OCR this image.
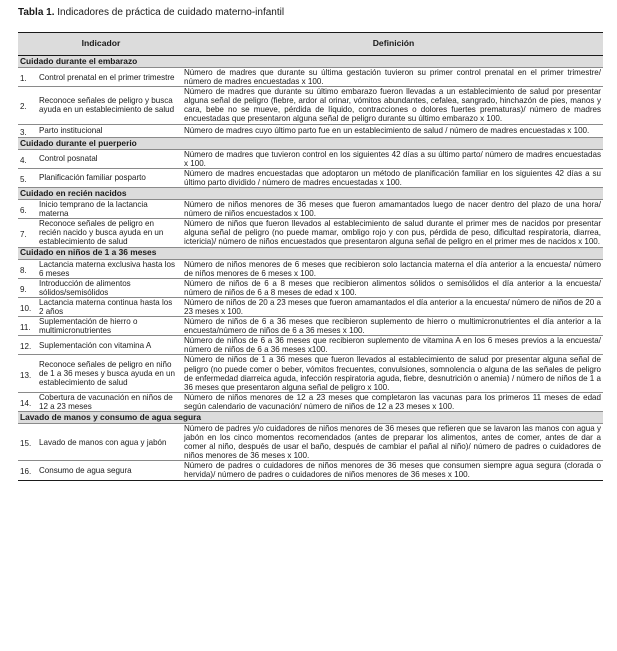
Tabla 1. Indicadores de práctica de cuidado materno-infantil
Indicador		Definición
Cuidado durante el embarazo		
1.	Control prenatal en el primer trimestre	Número de madres que durante su última gestación tuvieron su primer control prenatal en el primer trimestre/ número de madres encuestadas x 100.
2.	Reconoce señales de peligro y busca ayuda en un establecimiento de salud	Número de madres que durante su último embarazo fueron llevadas a un establecimiento de salud por presentar alguna señal de peligro (fiebre, ardor al orinar, vómitos abundantes, cefalea, sangrado, hinchazón de pies, manos y cara, bebe no se mueve, pérdida de líquido, contracciones o dolores fuertes prematuras)/ número de madres encuestadas que presentaron alguna señal de peligro durante su último embarazo x 100.
3.	Parto institucional	Número de madres cuyo último parto fue en un establecimiento de salud / número de madres encuestadas x 100.
Cuidado durante el puerperio		
4.	Control posnatal	Número de madres que tuvieron control en los siguientes 42 días a su último parto/ número de madres encuestadas x 100.
5.	Planificación familiar posparto	Número de madres encuestadas que adoptaron un método de planificación familiar en los siguientes 42 días a su último parto dividido / número de madres encuestadas x 100.
Cuidado en recién nacidos		
6.	Inicio temprano de la lactancia materna	Número de niños menores de 36 meses que fueron amamantados luego de nacer dentro del plazo de una hora/ número de niños encuestados x 100.
7.	Reconoce señales de peligro en recién nacido y busca ayuda en un establecimiento de salud	Número de niños que fueron llevados al establecimiento de salud durante el primer mes de nacidos por presentar alguna señal de peligro (no puede mamar, ombligo rojo y con pus, pérdida de peso, dificultad respiratoria, diarrea, ictericia)/ número de niños encuestados que presentaron alguna señal de peligro en el primer mes de nacidos x 100.
Cuidado en niños de 1 a 36 meses		
8.	Lactancia materna exclusiva hasta los 6 meses	Número de niños menores de 6 meses que recibieron solo lactancia materna el día anterior a la encuesta/ número de niños menores de 6 meses x 100.
9.	Introducción de alimentos sólidos/semisólidos	Número de niños de 6 a 8 meses que recibieron alimentos sólidos o semisólidos el día anterior a la encuesta/ número de niños de 6 a 8 meses de edad x 100.
10.	Lactancia materna continua hasta los 2 años	Número de niños de 20 a 23 meses que fueron amamantados el día anterior a la encuesta/ número de niños de 20 a 23 meses x 100.
11.	Suplementación de hierro o multimicronutrientes	Número de niños de 6 a 36 meses que recibieron suplemento de hierro o multimicronutrientes el día anterior a la encuesta/número de niños de 6 a 36 meses x 100.
12.	Suplementación con vitamina A	Número de niños de 6 a 36 meses que recibieron suplemento de vitamina A en los 6 meses previos a la encuesta/ número de niños de 6 a 36 meses x100.
13.	Reconoce señales de peligro en niño de 1 a 36 meses y busca ayuda en un establecimiento de salud	Número de niños de 1 a 36 meses que fueron llevados al establecimiento de salud por presentar alguna señal de peligro (no puede comer o beber, vómitos frecuentes, convulsiones, somnolencia o alguna de las señales de peligro de enfermedad diarreica aguda, infección respiratoria aguda, fiebre, desnutrición o anemia) / número de niños de 1 a 36 meses que presentaron alguna señal de peligro x 100.
14.	Cobertura de vacunación en niños de 12 a 23 meses	Número de niños menores de 12 a 23 meses que completaron las vacunas para los primeros 11 meses de edad según calendario de vacunación/ número de niños de 12 a 23 meses x 100.
Lavado de manos y consumo de agua segura		
15.	Lavado de manos con agua y jabón	Número de padres y/o cuidadores de niños menores de 36 meses que refieren que se lavaron las manos con agua y jabón en los cinco momentos recomendados (antes de preparar los alimentos, antes de comer, antes de dar a comer al niño, después de usar el baño, después de cambiar el pañal al niño)/ número de padres o cuidadores de niños menores de 36 meses x 100.
16.	Consumo de agua segura	Número de padres o cuidadores de niños menores de 36 meses que consumen siempre agua segura (clorada o hervida)/ número de padres o cuidadores de niños menores de 36 meses x 100.
